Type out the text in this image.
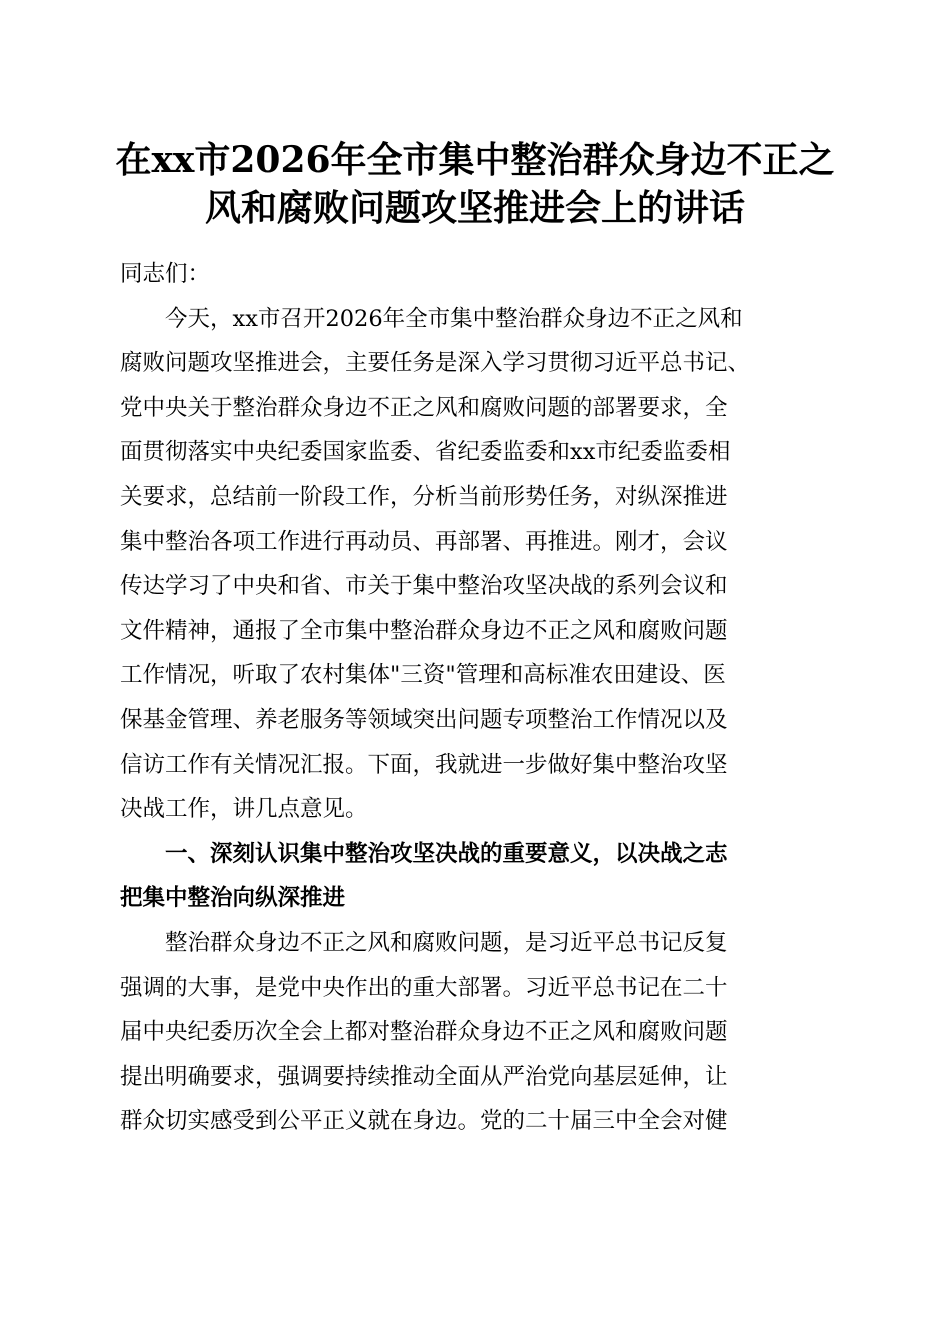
在xx市2026年全市集中整治群众身边不正之
风和腐败问题攻坚推进会上的讲话
同志们：
　　今天，xx市召开2026年全市集中整治群众身边不正之风和
腐败问题攻坚推进会，主要任务是深入学习贯彻习近平总书记、
党中央关于整治群众身边不正之风和腐败问题的部署要求，全
面贯彻落实中央纪委国家监委、省纪委监委和xx市纪委监委相
关要求，总结前一阶段工作，分析当前形势任务，对纵深推进
集中整治各项工作进行再动员、再部署、再推进。刚才，会议
传达学习了中央和省、市关于集中整治攻坚决战的系列会议和
文件精神，通报了全市集中整治群众身边不正之风和腐败问题
工作情况，听取了农村集体"三资"管理和高标准农田建设、医
保基金管理、养老服务等领域突出问题专项整治工作情况以及
信访工作有关情况汇报。下面，我就进一步做好集中整治攻坚
决战工作，讲几点意见。
　　一、深刻认识集中整治攻坚决战的重要意义，以决战之志
把集中整治向纵深推进
　　整治群众身边不正之风和腐败问题，是习近平总书记反复
强调的大事，是党中央作出的重大部署。习近平总书记在二十
届中央纪委历次全会上都对整治群众身边不正之风和腐败问题
提出明确要求，强调要持续推动全面从严治党向基层延伸，让
群众切实感受到公平正义就在身边。党的二十届三中全会对健
